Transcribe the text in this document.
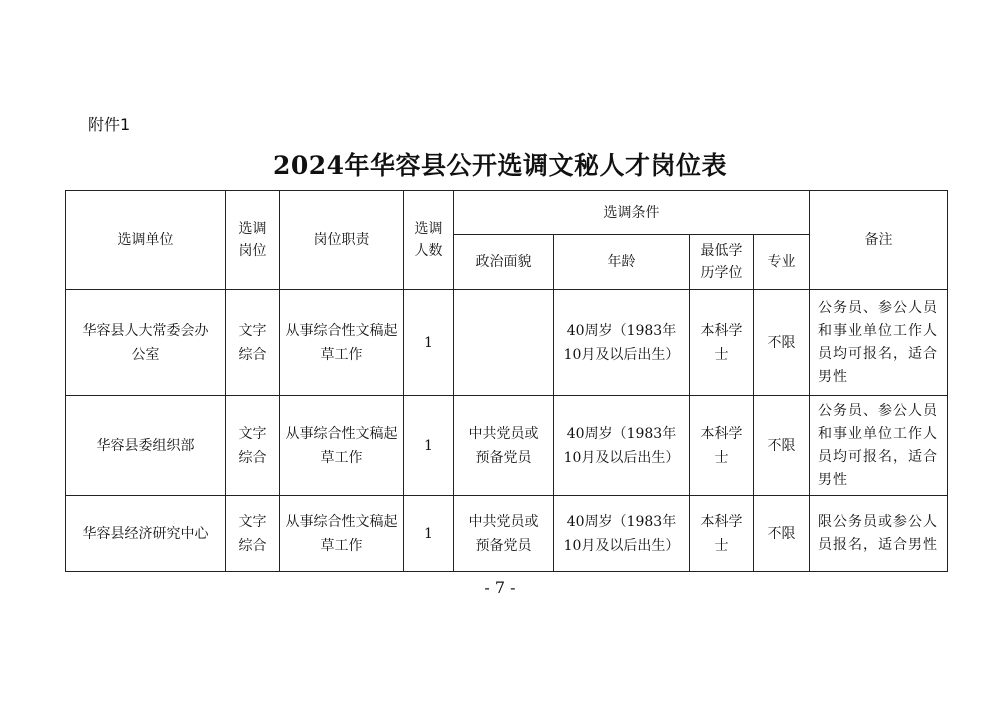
附件1
2024年华容县公开选调文秘人才岗位表
选调单位	选调岗位	岗位职责	选调人数	选调条件				备注
				政治面貌	年龄	最低学历学位	专业	
华容县人大常委会办公室	文字综合	从事综合性文稿起草工作	1		40周岁（1983年10月及以后出生）	本科学士	不限	公务员、参公人员和事业单位工作人员均可报名，适合男性
华容县委组织部	文字综合	从事综合性文稿起草工作	1	中共党员或预备党员	40周岁（1983年10月及以后出生）	本科学士	不限	公务员、参公人员和事业单位工作人员均可报名，适合男性
华容县经济研究中心	文字综合	从事综合性文稿起草工作	1	中共党员或预备党员	40周岁（1983年10月及以后出生）	本科学士	不限	限公务员或参公人员报名，适合男性
- 7 -
